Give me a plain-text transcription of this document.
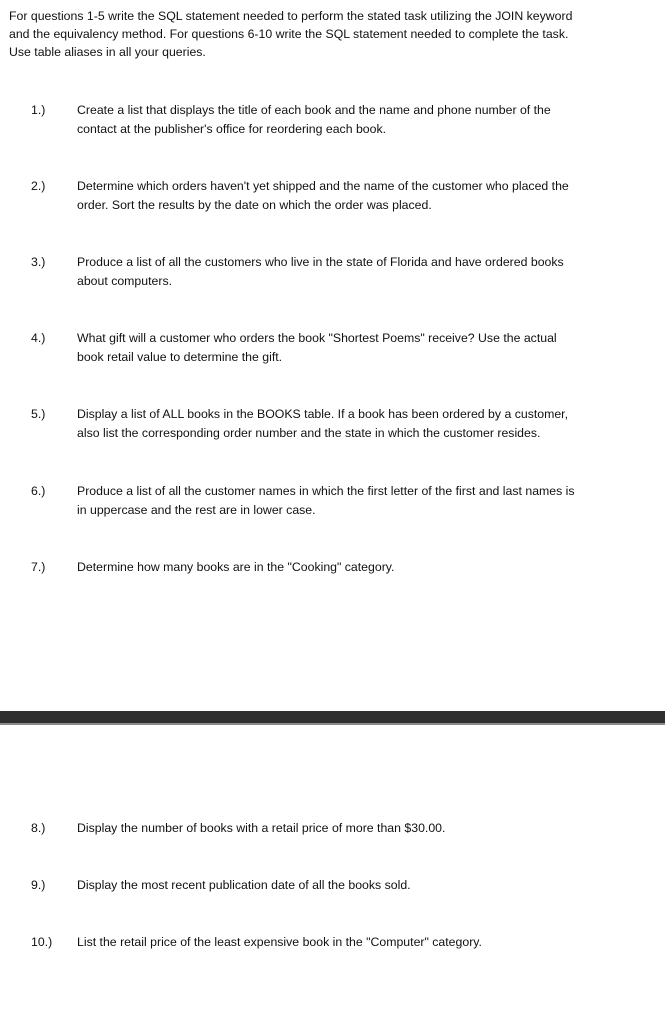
For questions 1-5 write the SQL statement needed to perform the stated task utilizing the JOIN keyword
and the equivalency method. For questions 6-10 write the SQL statement needed to complete the task.
Use table aliases in all your queries.
1.)	Create a list that displays the title of each book and the name and phone number of the
contact at the publisher's office for reordering each book.
2.)	Determine which orders haven't yet shipped and the name of the customer who placed the
order. Sort the results by the date on which the order was placed.
3.)	Produce a list of all the customers who live in the state of Florida and have ordered books
about computers.
4.)	What gift will a customer who orders the book "Shortest Poems" receive? Use the actual
book retail value to determine the gift.
5.)	Display a list of ALL books in the BOOKS table. If a book has been ordered by a customer,
also list the corresponding order number and the state in which the customer resides.
6.)	Produce a list of all the customer names in which the first letter of the first and last names is
in uppercase and the rest are in lower case.
7.)	Determine how many books are in the "Cooking" category.
8.)	Display the number of books with a retail price of more than $30.00.
9.)	Display the most recent publication date of all the books sold.
10.) List the retail price of the least expensive book in the "Computer" category.
